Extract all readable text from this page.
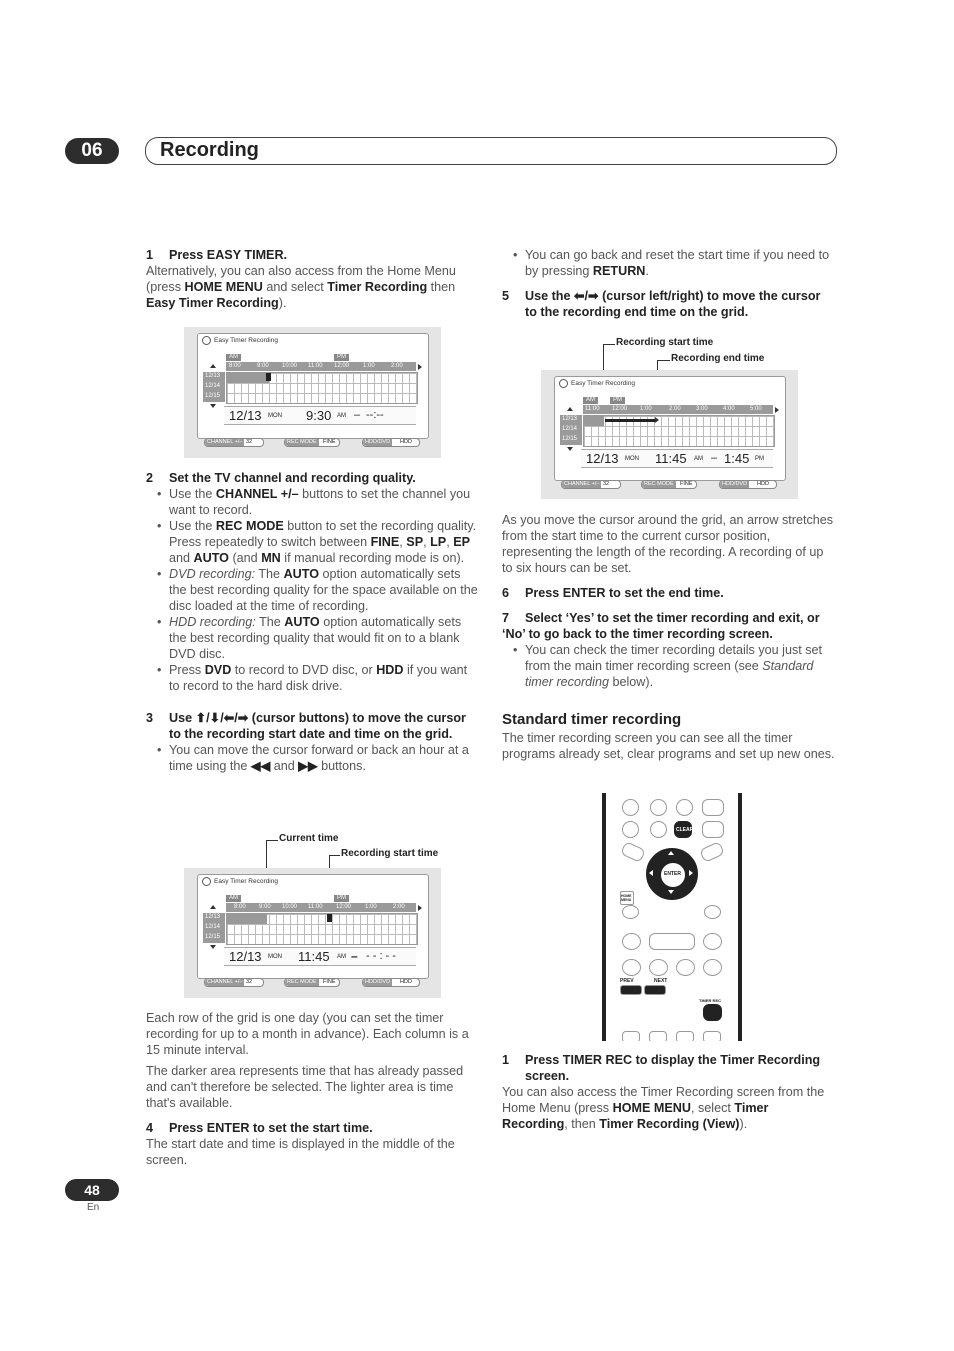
06	Recording

1 Press EASY TIMER.

Alternatively, you can also access from the Home Menu (press HOME MENU and select Timer Recording then Easy Timer Recording).

Easy Timer Recording
AM	PM
8:00	9:00 10:00 11:00 12:00 1:00	2:00
12/13
12/14
12/15
12/13 MON 9:30 AM – --:--
CHANNEL +/– 32	REC MODE	FINE	HDD/DVD	HDD

2 Set the TV channel and recording quality.

• Use the CHANNEL +/– buttons to set the channel you want to record.

• Use the REC MODE button to set the recording quality. Press repeatedly to switch between FINE, SP, LP, EP and AUTO (and MN if manual recording mode is on).

• DVD recording: The AUTO option automatically sets the best recording quality for the space available on the disc loaded at the time of recording.

• HDD recording: The AUTO option automatically sets the best recording quality that would fit on to a blank DVD disc.

• Press DVD to record to DVD disc, or HDD if you want to record to the hard disk drive.

3 Use ⬆/⬇/⬅/➡ (cursor buttons) to move the cursor to the recording start date and time on the grid.

• You can move the cursor forward or back an hour at a time using the ◀◀ and ▶▶ buttons.

Current time
Recording start time
Easy Timer Recording
AM	PM
8:00 9:00 10:00 11:00 12:00 1:00	2:00
12/13
12/14
12/15
12/13 MON 11:45 AM – - - : - -
CHANNEL +/– 32	REC MODE	FINE	HDD/DVD	HDD

Each row of the grid is one day (you can set the timer recording for up to a month in advance). Each column is a 15 minute interval.

The darker area represents time that has already passed and can't therefore be selected. The lighter area is time that's available.

4 Press ENTER to set the start time.

The start date and time is displayed in the middle of the screen.

• You can go back and reset the start time if you need to by pressing RETURN.

5 Use the ⬅/➡ (cursor left/right) to move the cursor to the recording end time on the grid.

Recording start time
Recording end time
Easy Timer Recording
AM	PM
11:00 12:00 1:00	2:00	3:00	4:00	5:00
12/13
12/14
12/15
12/13 MON 11:45 AM – 1:45 PM
CHANNEL +/– 32	REC MODE	FINE	HDD/DVD	HDD

As you move the cursor around the grid, an arrow stretches from the start time to the current cursor position, representing the length of the recording. A recording of up to six hours can be set.

6 Press ENTER to set the end time.

7 Select ‘Yes’ to set the timer recording and exit, or ‘No’ to go back to the timer recording screen.

• You can check the timer recording details you just set from the main timer recording screen (see Standard timer recording below).

Standard timer recording

The timer recording screen you can see all the timer programs already set, clear programs and set up new ones.

CLEAR
ENTER
HOME MENU
PREV	NEXT
TIMER REC

1 Press TIMER REC to display the Timer Recording screen.

You can also access the Timer Recording screen from the Home Menu (press HOME MENU, select Timer Recording, then Timer Recording (View)).

48
En
